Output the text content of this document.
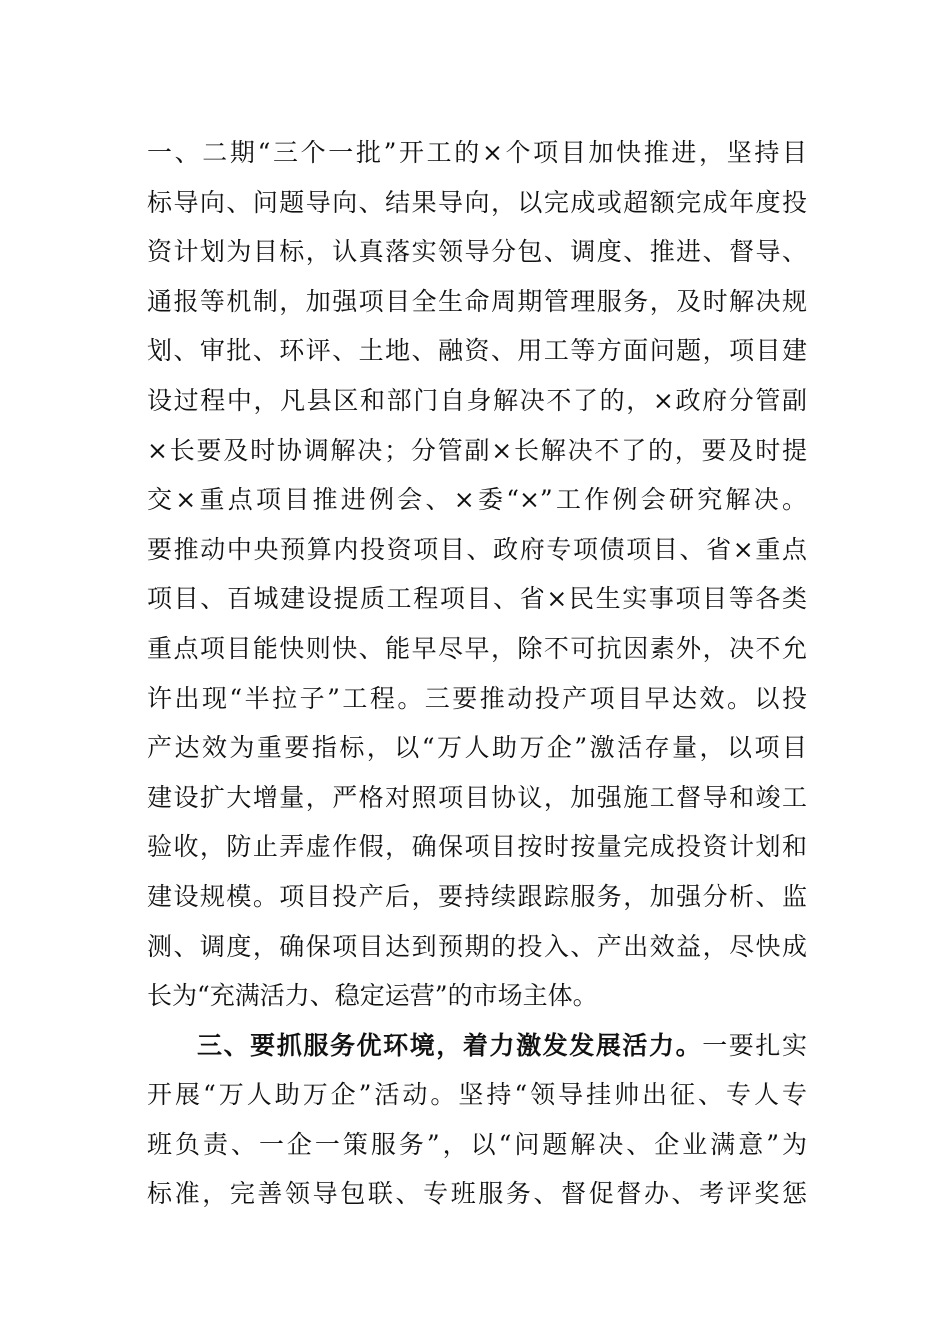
一、二期“三个一批”开工的×个项目加快推进，坚持目
标导向、问题导向、结果导向，以完成或超额完成年度投
资计划为目标，认真落实领导分包、调度、推进、督导、
通报等机制，加强项目全生命周期管理服务，及时解决规
划、审批、环评、土地、融资、用工等方面问题，项目建
设过程中，凡县区和部门自身解决不了的，×政府分管副
×长要及时协调解决；分管副×长解决不了的，要及时提
交×重点项目推进例会、×委“×”工作例会研究解决。
要推动中央预算内投资项目、政府专项债项目、省×重点
项目、百城建设提质工程项目、省×民生实事项目等各类
重点项目能快则快、能早尽早，除不可抗因素外，决不允
许出现“半拉子”工程。三要推动投产项目早达效。以投
产达效为重要指标，以“万人助万企”激活存量，以项目
建设扩大增量，严格对照项目协议，加强施工督导和竣工
验收，防止弄虚作假，确保项目按时按量完成投资计划和
建设规模。项目投产后，要持续跟踪服务，加强分析、监
测、调度，确保项目达到预期的投入、产出效益，尽快成
长为“充满活力、稳定运营”的市场主体。
三、要抓服务优环境，着力激发发展活力。一要扎实
开展“万人助万企”活动。坚持“领导挂帅出征、专人专
班负责、一企一策服务”，以“问题解决、企业满意”为
标准，完善领导包联、专班服务、督促督办、考评奖惩
